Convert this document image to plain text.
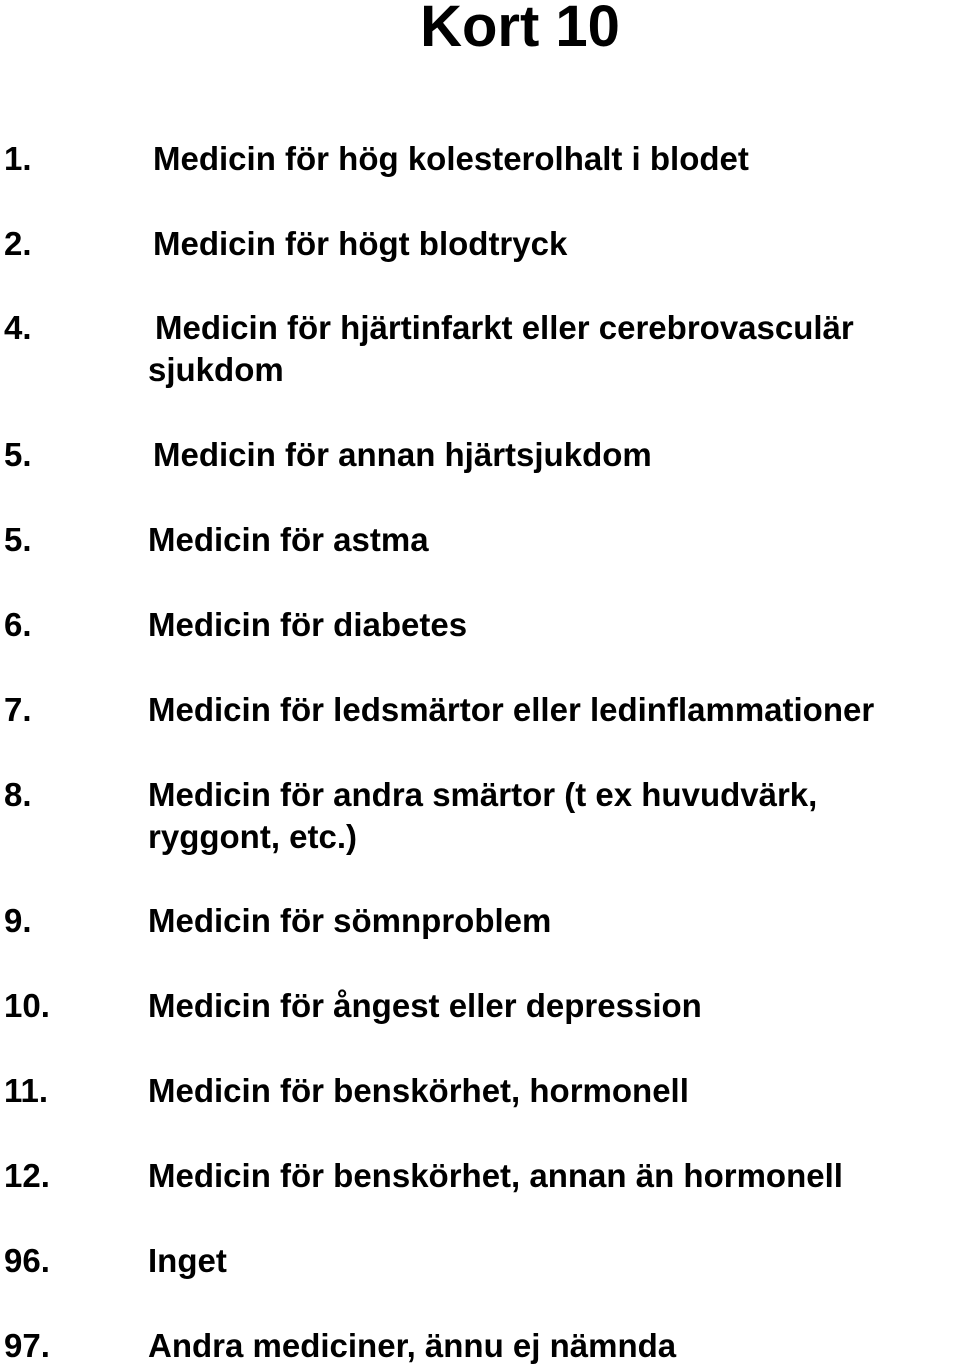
Kort 10
1.	Medicin för hög kolesterolhalt i blodet
2.	Medicin för högt blodtryck
4.	Medicin för hjärtinfarkt eller cerebrovasculär sjukdom
5.	Medicin för annan hjärtsjukdom
5.	Medicin för astma
6.	Medicin för diabetes
7.	Medicin för ledsmärtor eller ledinflammationer
8.	Medicin för andra smärtor (t ex huvudvärk, ryggont, etc.)
9.	Medicin för sömnproblem
10.	Medicin för ångest eller depression
11.	Medicin för benskörhet, hormonell
12.	Medicin för benskörhet, annan än hormonell
96.	Inget
97.	Andra mediciner, ännu ej nämnda
